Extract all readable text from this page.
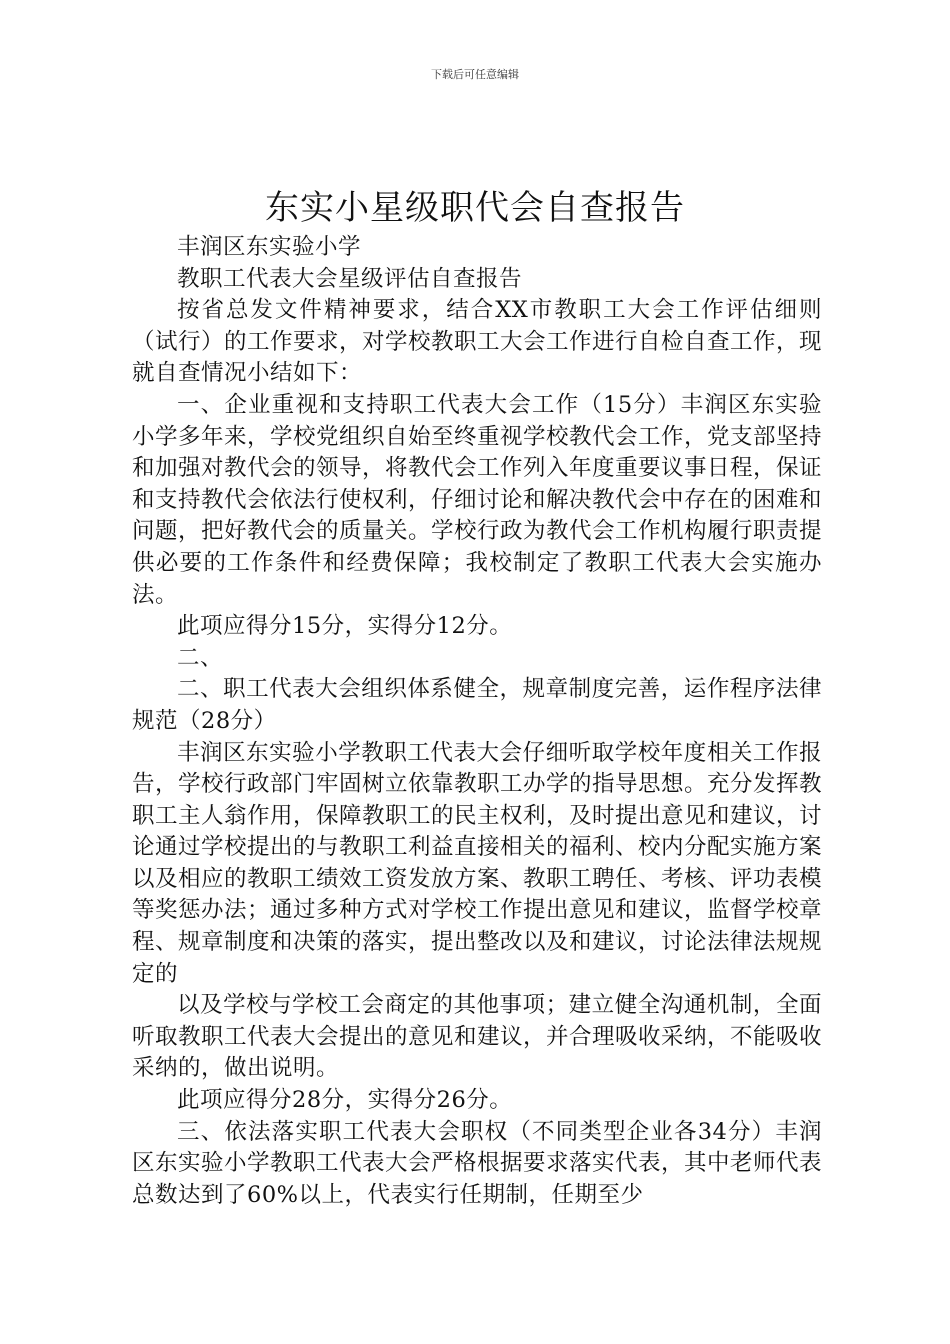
下载后可任意编辑
东实小星级职代会自查报告

丰润区东实验小学

教职工代表大会星级评估自查报告

按省总发文件精神要求，结合XX市教职工大会工作评估细则（试行）的工作要求，对学校教职工大会工作进行自检自查工作，现就自查情况小结如下：

一、企业重视和支持职工代表大会工作（15分）丰润区东实验小学多年来，学校党组织自始至终重视学校教代会工作，党支部坚持和加强对教代会的领导，将教代会工作列入年度重要议事日程，保证和支持教代会依法行使权利，仔细讨论和解决教代会中存在的困难和问题，把好教代会的质量关。学校行政为教代会工作机构履行职责提供必要的工作条件和经费保障；我校制定了教职工代表大会实施办法。

此项应得分15分，实得分12分。

二、

二、职工代表大会组织体系健全，规章制度完善，运作程序法律规范（28分）

丰润区东实验小学教职工代表大会仔细听取学校年度相关工作报告，学校行政部门牢固树立依靠教职工办学的指导思想。充分发挥教职工主人翁作用，保障教职工的民主权利，及时提出意见和建议，讨论通过学校提出的与教职工利益直接相关的福利、校内分配实施方案以及相应的教职工绩效工资发放方案、教职工聘任、考核、评功表模等奖惩办法；通过多种方式对学校工作提出意见和建议，监督学校章程、规章制度和决策的落实，提出整改以及和建议，讨论法律法规规定的

以及学校与学校工会商定的其他事项；建立健全沟通机制，全面听取教职工代表大会提出的意见和建议，并合理吸收采纳，不能吸收采纳的，做出说明。

此项应得分28分，实得分26分。

三、依法落实职工代表大会职权（不同类型企业各34分）丰润区东实验小学教职工代表大会严格根据要求落实代表，其中老师代表总数达到了60%以上，代表实行任期制，任期至少
